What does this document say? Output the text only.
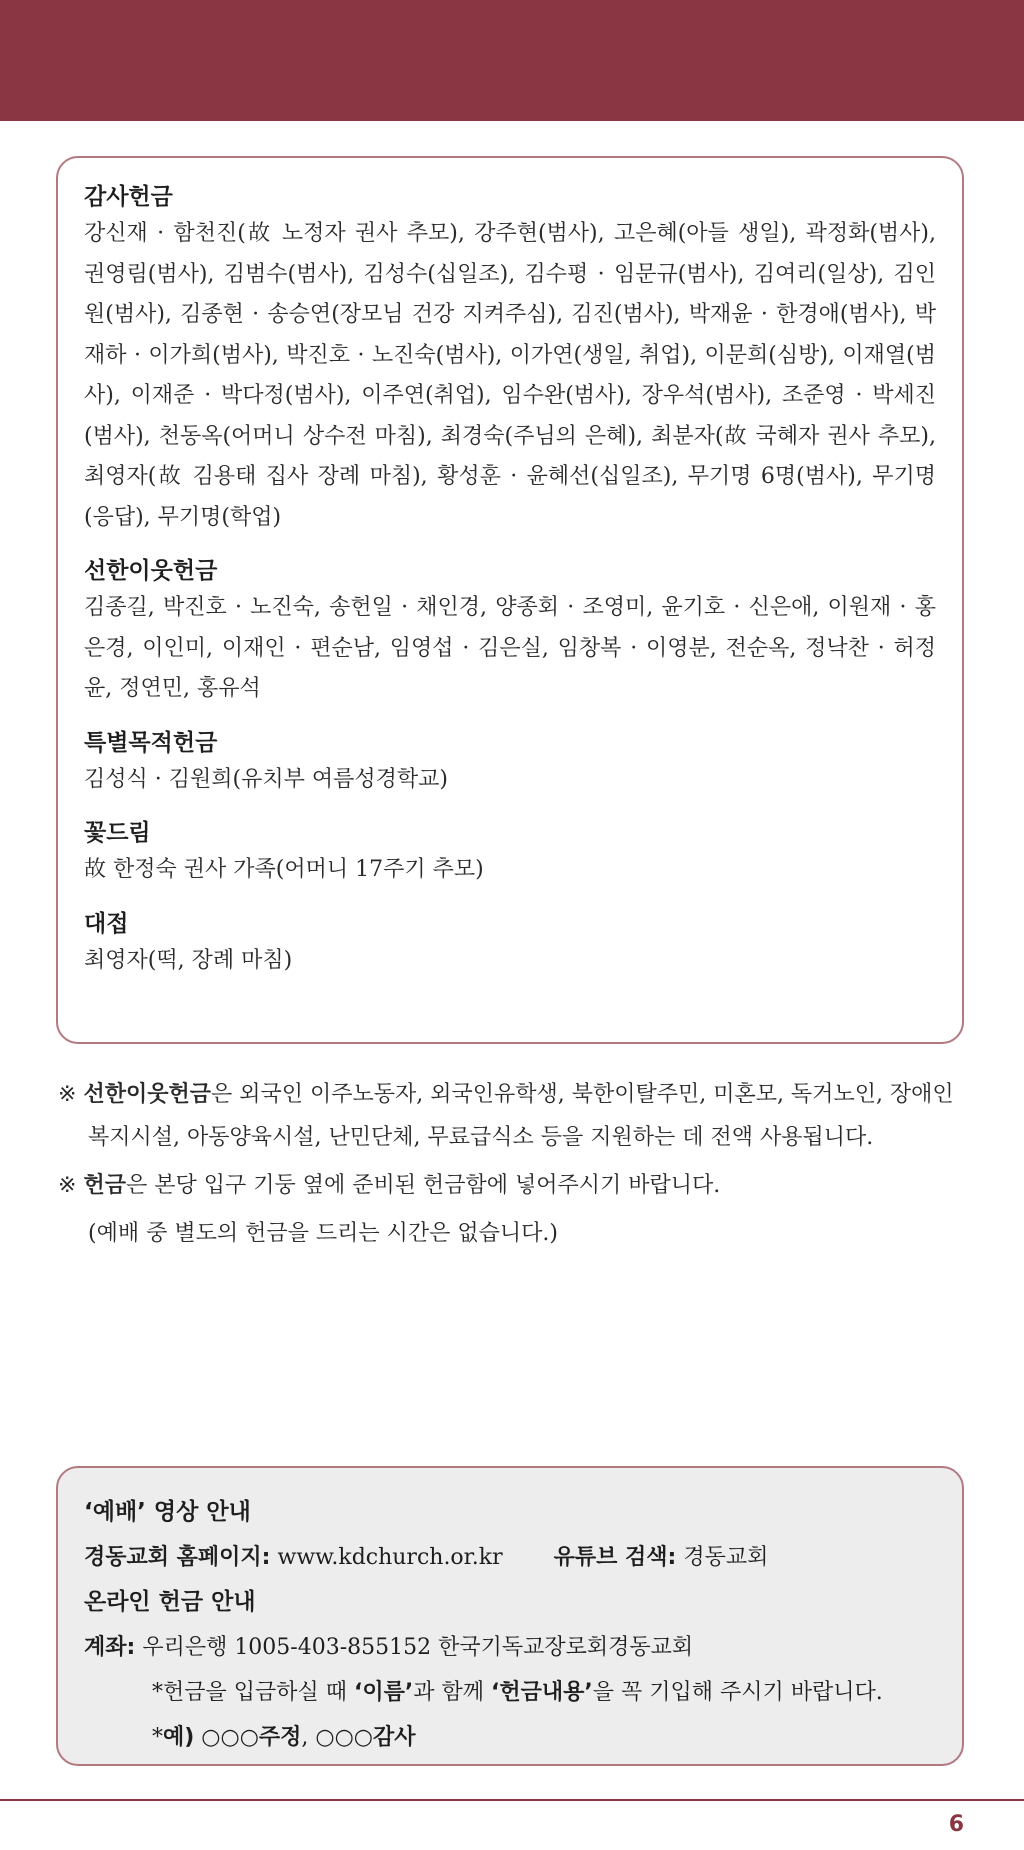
감사헌금
강신재 · 함천진(故 노정자 권사 추모), 강주현(범사), 고은혜(아들 생일), 곽정화(범사), 권영림(범사), 김범수(범사), 김성수(십일조), 김수평 · 임문규(범사), 김여리(일상), 김인원(범사), 김종현 · 송승연(장모님 건강 지켜주심), 김진(범사), 박재윤 · 한경애(범사), 박재하 · 이가희(범사), 박진호 · 노진숙(범사), 이가연(생일, 취업), 이문희(심방), 이재열(범사), 이재준 · 박다정(범사), 이주연(취업), 임수완(범사), 장우석(범사), 조준영 · 박세진(범사), 천동옥(어머니 상수전 마침), 최경숙(주님의 은혜), 최분자(故 국혜자 권사 추모), 최영자(故 김용태 집사 장례 마침), 황성훈 · 윤혜선(십일조), 무기명 6명(범사), 무기명(응답), 무기명(학업)
선한이웃헌금
김종길, 박진호 · 노진숙, 송헌일 · 채인경, 양종회 · 조영미, 윤기호 · 신은애, 이원재 · 홍은경, 이인미, 이재인 · 편순남, 임영섭 · 김은실, 임창복 · 이영분, 전순옥, 정낙찬 · 허정윤, 정연민, 홍유석
특별목적헌금
김성식 · 김원희(유치부 여름성경학교)
꽃드림
故 한정숙 권사 가족(어머니 17주기 추모)
대접
최영자(떡, 장례 마침)
※ 선한이웃헌금은 외국인 이주노동자, 외국인유학생, 북한이탈주민, 미혼모, 독거노인, 장애인 복지시설, 아동양육시설, 난민단체, 무료급식소 등을 지원하는 데 전액 사용됩니다.
※ 헌금은 본당 입구 기둥 옆에 준비된 헌금함에 넣어주시기 바랍니다.
(예배 중 별도의 헌금을 드리는 시간은 없습니다.)
‘예배’ 영상 안내
경동교회 홈페이지: www.kdchurch.or.kr 유튜브 검색: 경동교회
온라인 헌금 안내
계좌: 우리은행 1005-403-855152 한국기독교장로회경동교회
*헌금을 입금하실 때 ‘이름’과 함께 ‘헌금내용’을 꼭 기입해 주시기 바랍니다.
*예) ○○○주정, ○○○감사
6
